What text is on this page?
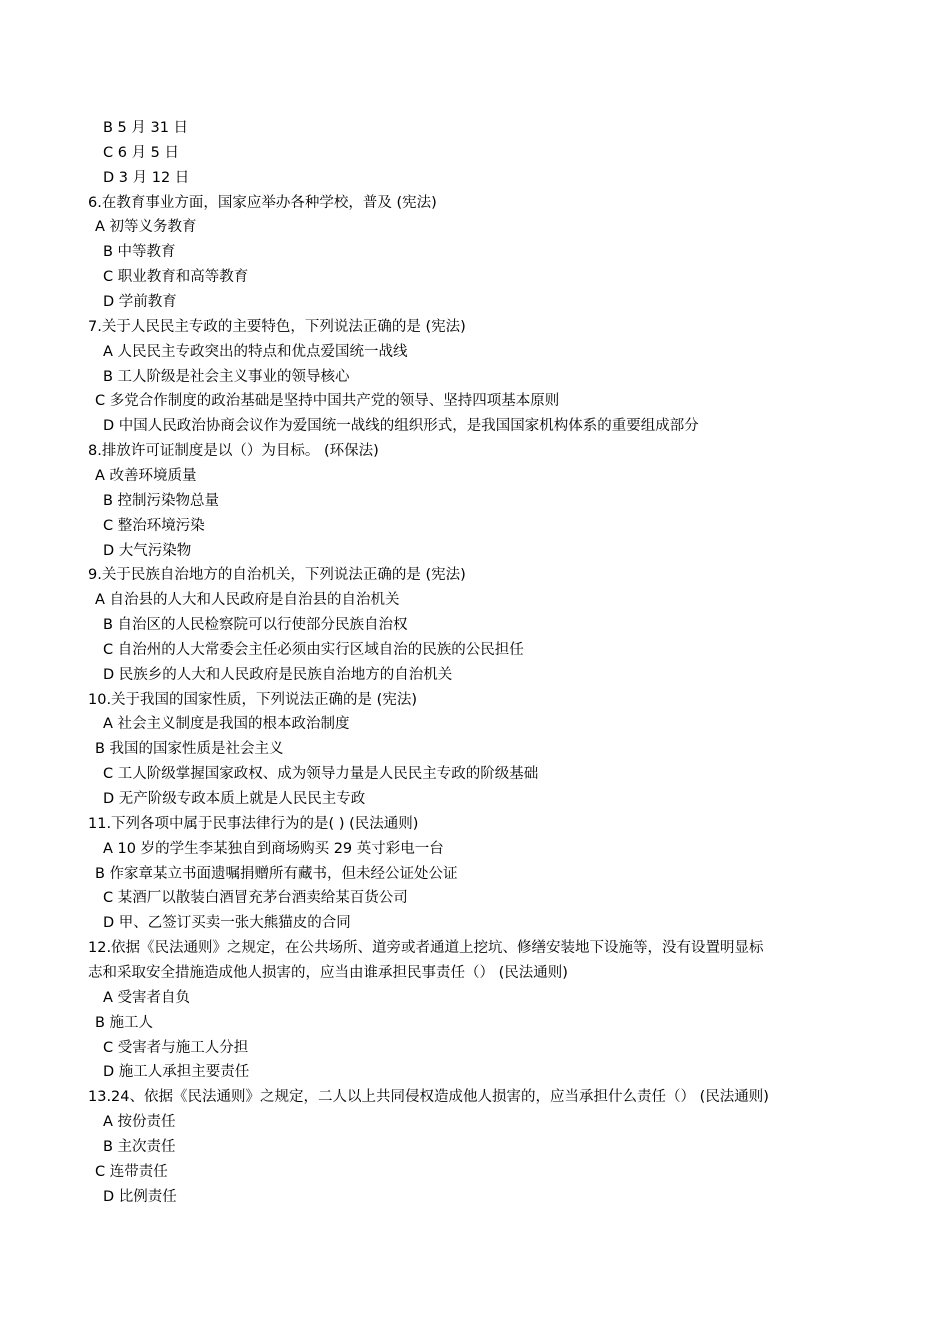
B 5 月 31 日
C 6 月 5 日
D 3 月 12 日
6.在教育事业方面，国家应举办各种学校，普及 (宪法)
A 初等义务教育
B 中等教育
C 职业教育和高等教育
D 学前教育
7.关于人民民主专政的主要特色，下列说法正确的是 (宪法)
A 人民民主专政突出的特点和优点爱国统一战线
B 工人阶级是社会主义事业的领导核心
C 多党合作制度的政治基础是坚持中国共产党的领导、坚持四项基本原则
D 中国人民政治协商会议作为爱国统一战线的组织形式，是我国国家机构体系的重要组成部分
8.排放许可证制度是以（）为目标。 (环保法)
A 改善环境质量
B 控制污染物总量
C 整治环境污染
D 大气污染物
9.关于民族自治地方的自治机关，下列说法正确的是 (宪法)
A 自治县的人大和人民政府是自治县的自治机关
B 自治区的人民检察院可以行使部分民族自治权
C 自治州的人大常委会主任必须由实行区域自治的民族的公民担任
D 民族乡的人大和人民政府是民族自治地方的自治机关
10.关于我国的国家性质，下列说法正确的是 (宪法)
A 社会主义制度是我国的根本政治制度
B 我国的国家性质是社会主义
C 工人阶级掌握国家政权、成为领导力量是人民民主专政的阶级基础
D 无产阶级专政本质上就是人民民主专政
11.下列各项中属于民事法律行为的是( ) (民法通则)
A 10 岁的学生李某独自到商场购买 29 英寸彩电一台
B 作家章某立书面遗嘱捐赠所有藏书，但未经公证处公证
C 某酒厂以散装白酒冒充茅台酒卖给某百货公司
D 甲、乙签订买卖一张大熊猫皮的合同
12.依据《民法通则》之规定，在公共场所、道旁或者通道上挖坑、修缮安装地下设施等，没有设置明显标
志和采取安全措施造成他人损害的，应当由谁承担民事责任（） (民法通则)
A 受害者自负
B 施工人
C 受害者与施工人分担
D 施工人承担主要责任
13.24、依据《民法通则》之规定，二人以上共同侵权造成他人损害的，应当承担什么责任（） (民法通则)
A 按份责任
B 主次责任
C 连带责任
D 比例责任
